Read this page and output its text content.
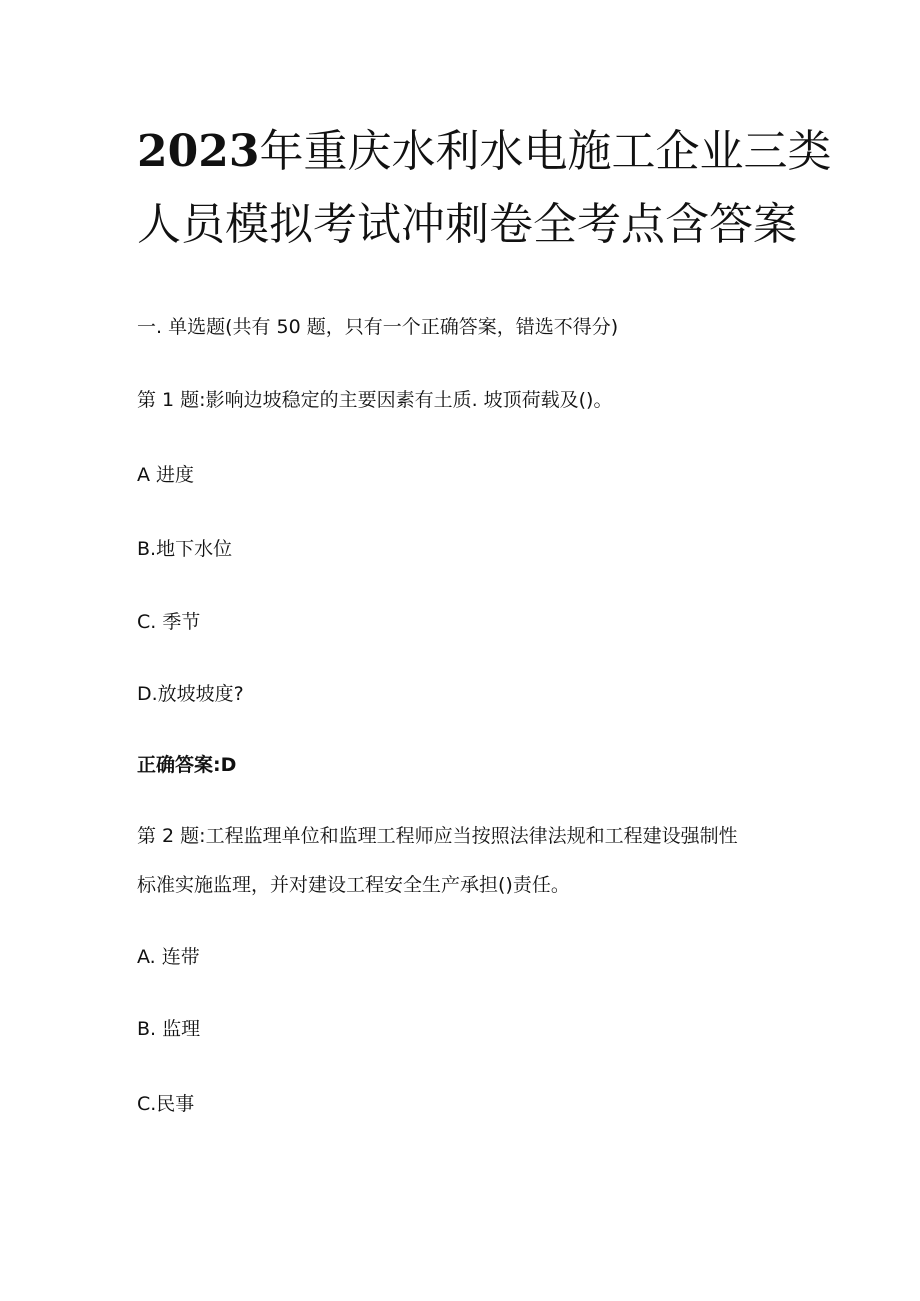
2023年重庆水利水电施工企业三类
人员模拟考试冲刺卷全考点含答案
一. 单选题(共有 50 题，只有一个正确答案，错选不得分)
第 1 题:影响边坡稳定的主要因素有土质. 坡顶荷载及()。
A 进度
B.地下水位
C. 季节
D.放坡坡度?
正确答案:D
第 2 题:工程监理单位和监理工程师应当按照法律法规和工程建设强制性
标准实施监理，并对建设工程安全生产承担()责任。
A. 连带
B. 监理
C.民事
